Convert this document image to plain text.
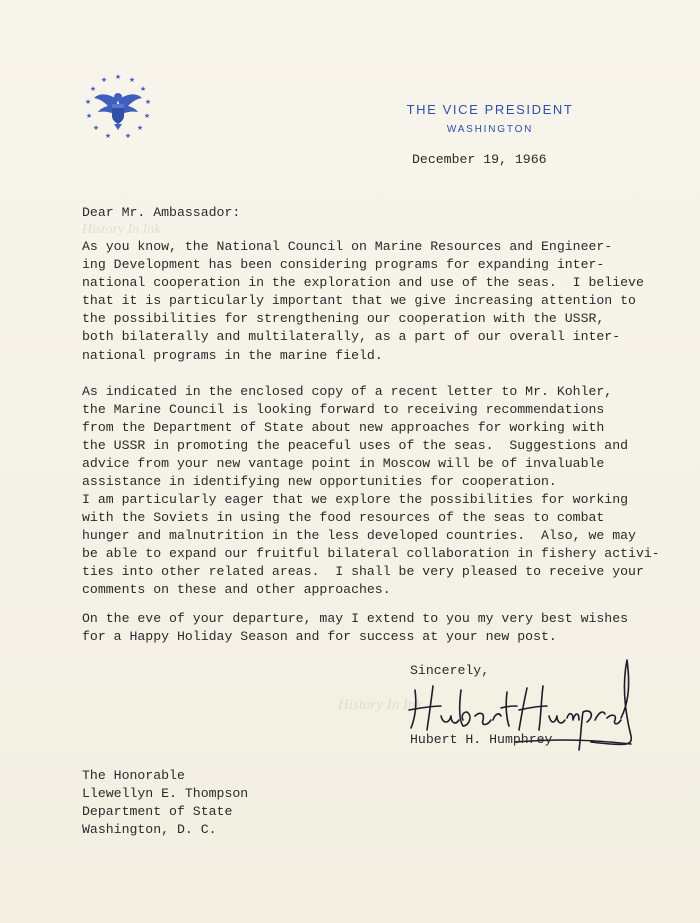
★ ★
★
★
★
★
★
★
★
★
★
★
★
THE VICE PRESIDENT
WASHINGTON
December 19, 1966
History In Ink
Dear Mr. Ambassador:

As you know, the National Council on Marine Resources and Engineer-
ing Development has been considering programs for expanding inter-
national cooperation in the exploration and use of the seas.  I believe
that it is particularly important that we give increasing attention to
the possibilities for strengthening our cooperation with the USSR,
both bilaterally and multilaterally, as a part of our overall inter-
national programs in the marine field.

As indicated in the enclosed copy of a recent letter to Mr. Kohler,
the Marine Council is looking forward to receiving recommendations
from the Department of State about new approaches for working with
the USSR in promoting the peaceful uses of the seas.  Suggestions and
advice from your new vantage point in Moscow will be of invaluable
assistance in identifying new opportunities for cooperation.

I am particularly eager that we explore the possibilities for working
with the Soviets in using the food resources of the seas to combat
hunger and malnutrition in the less developed countries.  Also, we may
be able to expand our fruitful bilateral collaboration in fishery activi-
ties into other related areas.  I shall be very pleased to receive your
comments on these and other approaches.

On the eve of your departure, may I extend to you my very best wishes
for a Happy Holiday Season and for success at your new post.

Sincerely,
History In Ink
Hubert H. Humphrey
The Honorable
Llewellyn E. Thompson
Department of State
Washington, D. C.
